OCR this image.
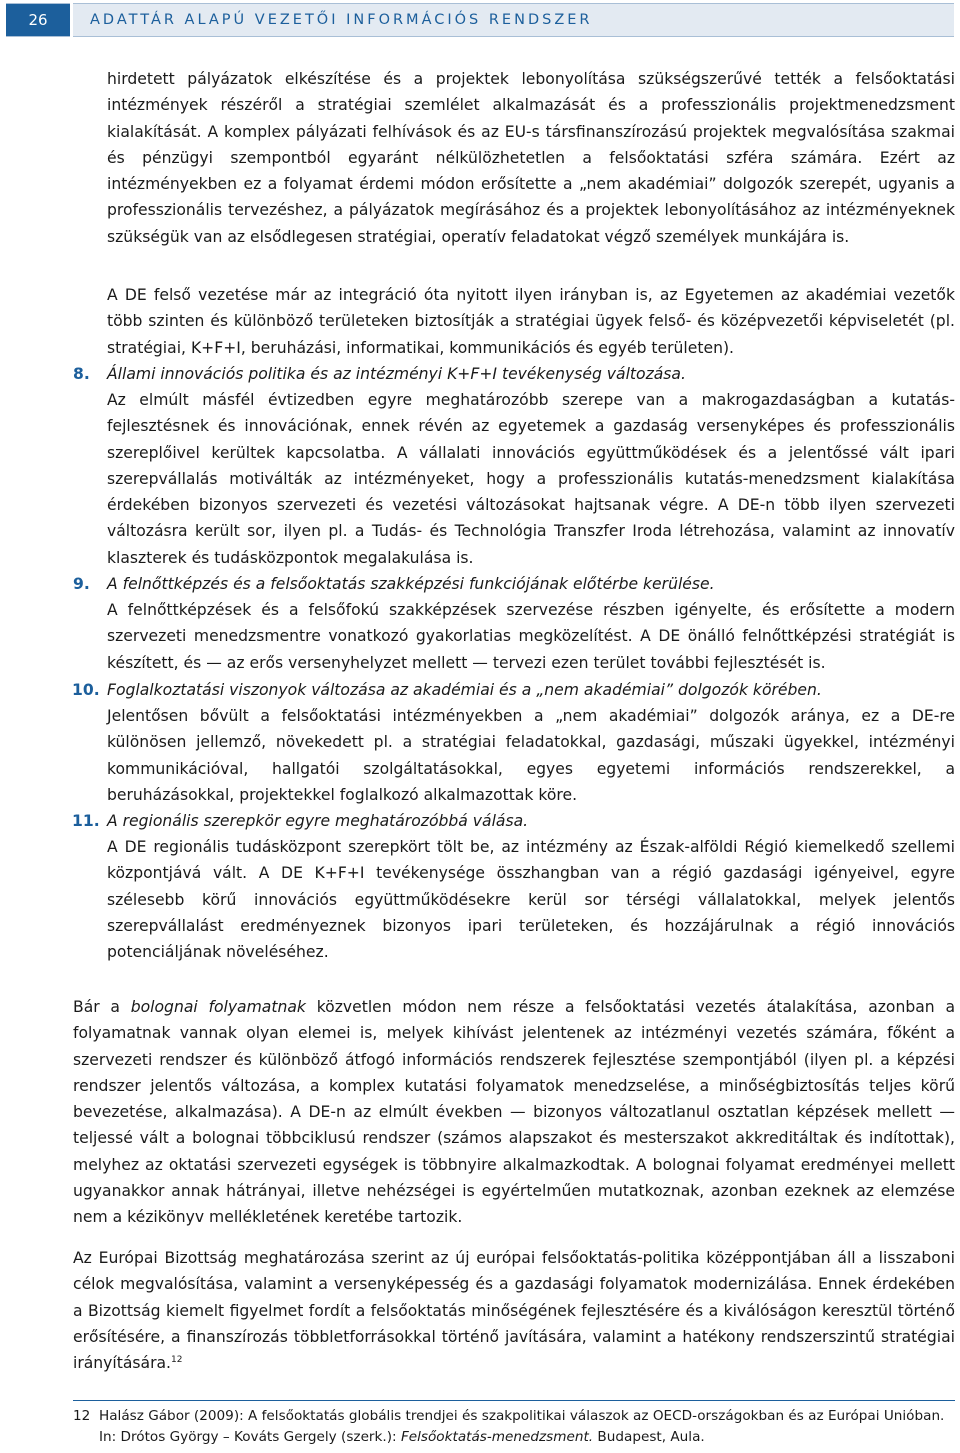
26	ADATTÁR ALAPÚ VEZETŐI INFORMÁCIÓS RENDSZER

hirdetett pályázatok elkészítése és a projektek lebonyolítása szükségszerűvé tették a felsőoktatási intézmények részéről a stratégiai szemlélet alkalmazását és a professzionális projektmenedzsment kialakítását. A komplex pályázati felhívások és az EU-s társfinanszírozású projektek megvalósítása szakmai és pénzügyi szempontból egyaránt nélkülözhetetlen a felsőoktatási szféra számára. Ezért az intézményekben ez a folyamat érdemi módon erősítette a „nem akadémiai” dolgozók szerepét, ugyanis a professzionális tervezéshez, a pályázatok megírásához és a projektek lebonyolításához az intézményeknek szükségük van az elsődlegesen stratégiai, operatív feladatokat végző személyek munkájára is.

A DE felső vezetése már az integráció óta nyitott ilyen irányban is, az Egyetemen az akadémiai vezetők több szinten és különböző területeken biztosítják a stratégiai ügyek felső- és középvezetői képviseletét (pl. stratégiai, K+F+I, beruházási, informatikai, kommunikációs és egyéb területen).

8.	Állami innovációs politika és az intézményi K+F+I tevékenység változása.

Az elmúlt másfél évtizedben egyre meghatározóbb szerepe van a makrogazdaságban a kutatás-fejlesztésnek és innovációnak, ennek révén az egyetemek a gazdaság versenyképes és professzionális szereplőivel kerültek kapcsolatba. A vállalati innovációs együttműködések és a jelentőssé vált ipari szerepvállalás motiválták az intézményeket, hogy a professzionális kutatás-menedzsment kialakítása érdekében bizonyos szervezeti és vezetési változásokat hajtsanak végre. A DE-n több ilyen szervezeti változásra került sor, ilyen pl. a Tudás- és Technológia Transzfer Iroda létrehozása, valamint az innovatív klaszterek és tudásközpontok megalakulása is.

9.	A felnőttképzés és a felsőoktatás szakképzési funkciójának előtérbe kerülése.

A felnőttképzések és a felsőfokú szakképzések szervezése részben igényelte, és erősítette a modern szervezeti menedzsmentre vonatkozó gyakorlatias megközelítést. A DE önálló felnőttképzési stratégiát is készített, és — az erős versenyhelyzet mellett — tervezi ezen terület további fejlesztését is.

10. Foglalkoztatási viszonyok változása az akadémiai és a „nem akadémiai” dolgozók körében.

Jelentősen bővült a felsőoktatási intézményekben a „nem akadémiai” dolgozók aránya, ez a DE-re különösen jellemző, növekedett pl. a stratégiai feladatokkal, gazdasági, műszaki ügyekkel, intézményi kommunikációval, hallgatói szolgáltatásokkal, egyes egyetemi információs rendszerekkel, a beruházásokkal, projektekkel foglalkozó alkalmazottak köre.

11. A regionális szerepkör egyre meghatározóbbá válása.

A DE regionális tudásközpont szerepkört tölt be, az intézmény az Észak-alföldi Régió kiemelkedő szellemi központjává vált. A DE K+F+I tevékenysége összhangban van a régió gazdasági igényeivel, egyre szélesebb körű innovációs együttműködésekre kerül sor térségi vállalatokkal, melyek jelentős szerepvállalást eredményeznek bizonyos ipari területeken, és hozzájárulnak a régió innovációs potenciáljának növeléséhez.

Bár a bolognai folyamatnak közvetlen módon nem része a felsőoktatási vezetés átalakítása, azonban a folyamatnak vannak olyan elemei is, melyek kihívást jelentenek az intézményi vezetés számára, főként a szervezeti rendszer és különböző átfogó információs rendszerek fejlesztése szempontjából (ilyen pl. a képzési rendszer jelentős változása, a komplex kutatási folyamatok menedzselése, a minőségbiztosítás teljes körű bevezetése, alkalmazása). A DE-n az elmúlt években — bizonyos változatlanul osztatlan képzések mellett — teljessé vált a bolognai többciklusú rendszer (számos alapszakot és mesterszakot akkreditáltak és indítottak), melyhez az oktatási szervezeti egységek is többnyire alkalmazkodtak. A bolognai folyamat eredményei mellett ugyanakkor annak hátrányai, illetve nehézségei is egyértelműen mutatkoznak, azonban ezeknek az elemzése nem a kézikönyv mellékletének keretébe tartozik.

Az Európai Bizottság meghatározása szerint az új európai felsőoktatás-politika középpontjában áll a lisszaboni célok megvalósítása, valamint a versenyképesség és a gazdasági folyamatok modernizálása. Ennek érdekében a Bizottság kiemelt figyelmet fordít a felsőoktatás minőségének fejlesztésére és a kiválóságon keresztül történő erősítésére, a finanszírozás többletforrásokkal történő javítására, valamint a hatékony rendszerszintű stratégiai irányítására.$^{12}$

12 Halász Gábor (2009): A felsőoktatás globális trendjei és szakpolitikai válaszok az OECD-országokban és az Európai Unióban. In: Drótos György – Kováts Gergely (szerk.): Felsőoktatás-menedzsment. Budapest, Aula.
